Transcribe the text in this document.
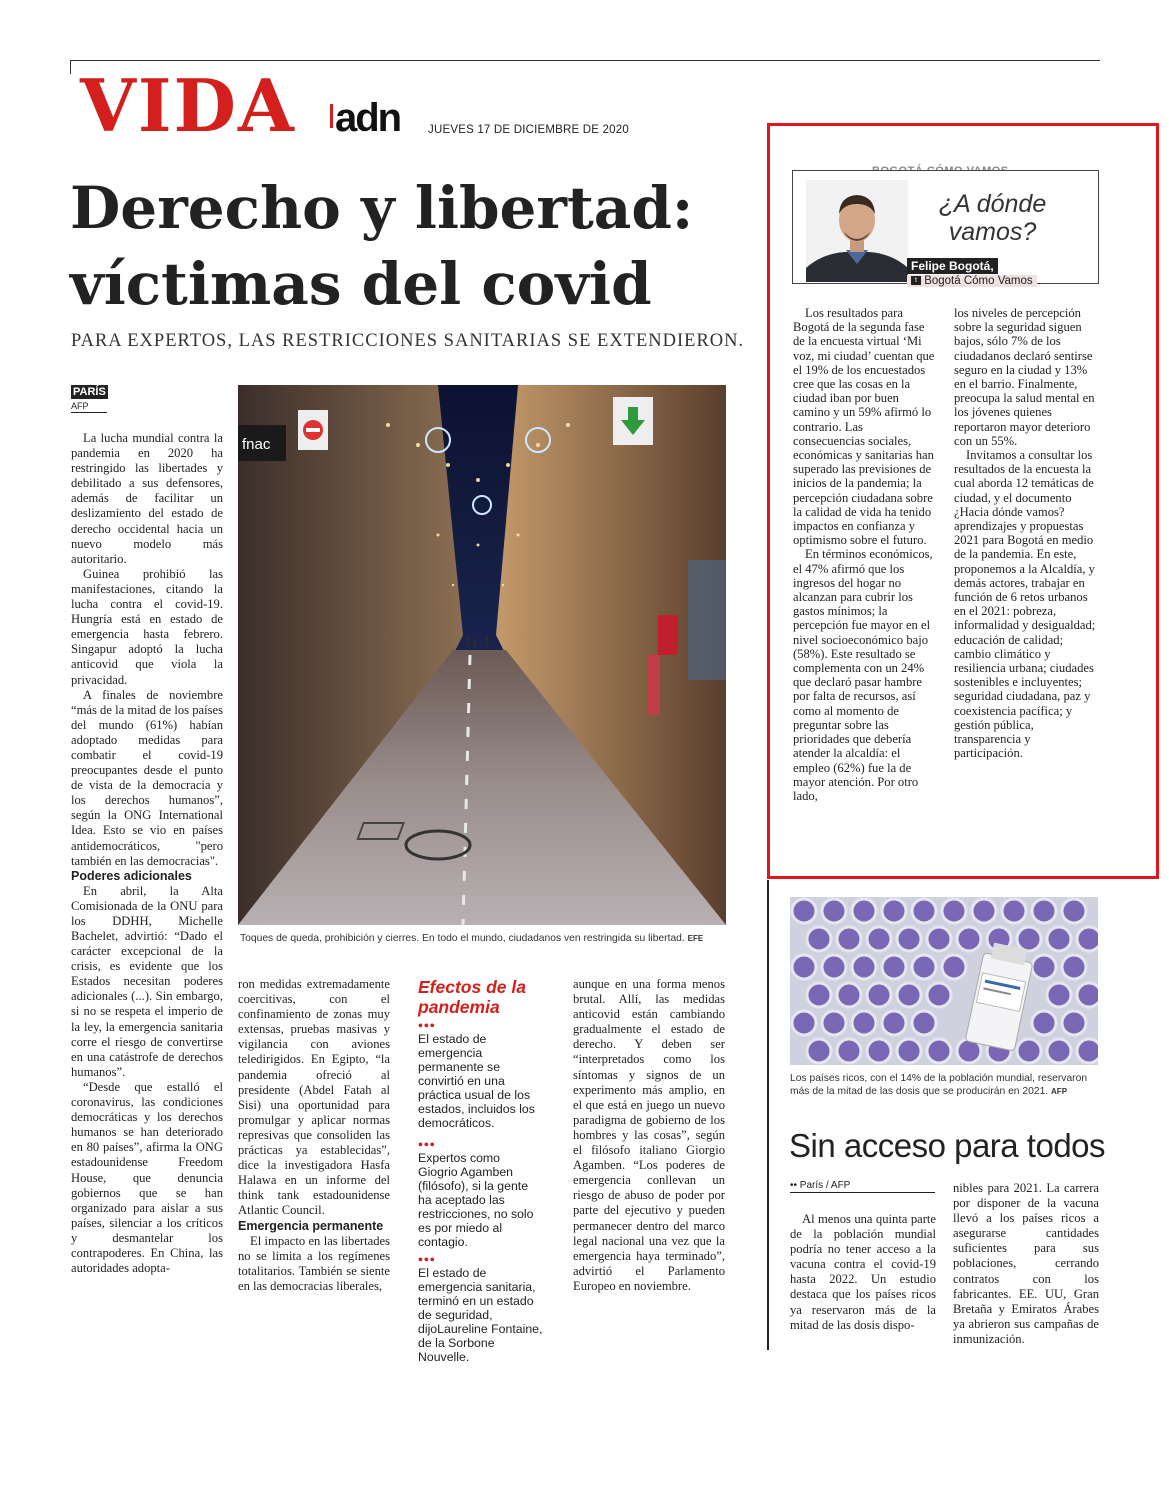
VIDA adn JUEVES 17 DE DICIEMBRE DE 2020
Derecho y libertad:
víctimas del covid
PARA EXPERTOS, LAS RESTRICCIONES SANITARIAS SE EXTENDIERON.
PARÍS
AFP

La lucha mundial contra la pandemia en 2020 ha restringido las libertades y debilitado a sus defensores, además de facilitar un deslizamiento del estado de derecho occidental hacia un nuevo modelo más autoritario.

Guinea prohibió las manifestaciones, citando la lucha contra el covid-19. Hungría está en estado de emergencia hasta febrero. Singapur adoptó la lucha anticovid que viola la privacidad.

A finales de noviembre “más de la mitad de los países del mundo (61%) habían adoptado medidas para combatir el covid-19 preocupantes desde el punto de vista de la democracia y los derechos humanos”, según la ONG International Idea. Esto se vio en países antidemocráticos, "pero también en las democracias".

Poderes adicionales

En abril, la Alta Comisionada de la ONU para los DDHH, Michelle Bachelet, advirtió: “Dado el carácter excepcional de la crisis, es evidente que los Estados necesitan poderes adicionales (...). Sin embargo, si no se respeta el imperio de la ley, la emergencia sanitaria corre el riesgo de convertirse en una catástrofe de derechos humanos”.

“Desde que estalló el coronavirus, las condiciones democráticas y los derechos humanos se han deteriorado en 80 países”, afirma la ONG estadounidense Freedom House, que denuncia gobiernos que se han organizado para aislar a sus países, silenciar a los críticos y desmantelar los contrapoderes. En China, las autoridades adopta-

fnac
Toques de queda, prohibición y cierres. En todo el mundo, ciudadanos ven restringida su libertad. EFE

ron medidas extremadamente coercitivas, con el confinamiento de zonas muy extensas, pruebas masivas y vigilancia con aviones teledirigidos. En Egipto, “la pandemia ofreció al presidente (Abdel Fatah al Sisi) una oportunidad para promulgar y aplicar normas represivas que consoliden las prácticas ya establecidas”, dice la investigadora Hasfa Halawa en un informe del think tank estadounidense Atlantic Council.

Emergencia permanente

El impacto en las libertades no se limita a los regímenes totalitarios. También se siente en las democracias liberales,

Efectos de la
pandemia
•••

El estado de emergencia permanente se convirtió en una práctica usual de los estados, incluidos los democráticos.

•••

Expertos como Giogrio Agamben (filósofo), si la gente ha aceptado las restricciones, no solo es por miedo al contagio.

•••

El estado de emergencia sanitaria, terminó en un estado de seguridad, dijoLaureline Fontaine, de la Sorbone Nouvelle.

aunque en una forma menos brutal. Allí, las medidas anticovid están cambiando gradualmente el estado de derecho. Y deben ser “interpretados como los síntomas y signos de un experimento más amplio, en el que está en juego un nuevo paradigma de gobierno de los hombres y las cosas”, según el filósofo italiano Giorgio Agamben. “Los poderes de emergencia conllevan un riesgo de abuso de poder por parte del ejecutivo y pueden permanecer dentro del marco legal nacional una vez que la emergencia haya terminado”, advirtió el Parlamento Europeo en noviembre.

¿A dónde
vamos?
Felipe Bogotá,
t Bogotá Cómo Vamos

Los resultados para Bogotá de la segunda fase de la encuesta virtual ‘Mi voz, mi ciudad’ cuentan que el 19% de los encuestados cree que las cosas en la ciudad iban por buen camino y un 59% afirmó lo contrario. Las consecuencias sociales, económicas y sanitarias han superado las previsiones de inicios de la pandemia; la percepción ciudadana sobre la calidad de vida ha tenido impactos en confianza y optimismo sobre el futuro.

En términos económicos, el 47% afirmó que los ingresos del hogar no alcanzan para cubrir los gastos mínimos; la percepción fue mayor en el nivel socioeconómico bajo (58%). Este resultado se complementa con un 24% que declaró pasar hambre por falta de recursos, así como al momento de preguntar sobre las prioridades que debería atender la alcaldía: el empleo (62%) fue la de mayor atención. Por otro lado,

los niveles de percepción sobre la seguridad siguen bajos, sólo 7% de los ciudadanos declaró sentirse seguro en la ciudad y 13% en el barrio. Finalmente, preocupa la salud mental en los jóvenes quienes reportaron mayor deterioro con un 55%.

Invitamos a consultar los resultados de la encuesta la cual aborda 12 temáticas de ciudad, y el documento ¿Hacia dónde vamos? aprendizajes y propuestas 2021 para Bogotá en medio de la pandemia. En este, proponemos a la Alcaldía, y demás actores, trabajar en función de 6 retos urbanos en el 2021: pobreza, informalidad y desigualdad; educación de calidad; cambio climático y resiliencia urbana; ciudades sostenibles e incluyentes; seguridad ciudadana, paz y coexistencia pacífica; y gestión pública, transparencia y participación.

Los países ricos, con el 14% de la población mundial, reservaron más de la mitad de las dosis que se producirán en 2021. AFP
Sin acceso para todos
•• París / AFP

Al menos una quinta parte de la población mundial podría no tener acceso a la vacuna contra el covid-19 hasta 2022. Un estudio destaca que los países ricos ya reservaron más de la mitad de las dosis dispo-

nibles para 2021. La carrera por disponer de la vacuna llevó a los países ricos a asegurarse cantidades suficientes para sus poblaciones, cerrando contratos con los fabricantes. EE. UU, Gran Bretaña y Emiratos Árabes ya abrieron sus campañas de inmunización.
